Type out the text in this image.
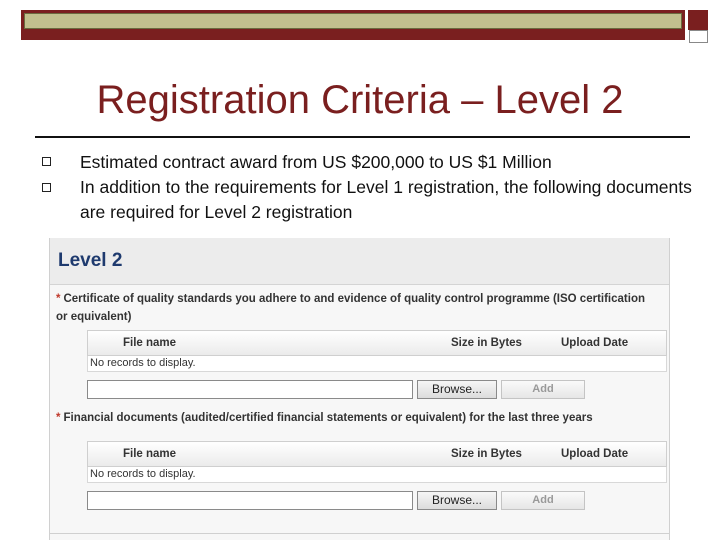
Registration Criteria – Level 2
Estimated contract award from US $200,000 to US $1 Million
In addition to the requirements for Level 1 registration, the following documents are required for Level 2 registration
Level 2
* Certificate of quality standards you adhere to and evidence of quality control programme (ISO certification or equivalent)
File name	Size in Bytes	Upload Date
No records to display.
Browse...	Add
* Financial documents (audited/certified financial statements or equivalent) for the last three years
File name	Size in Bytes	Upload Date
No records to display.
Browse...	Add
